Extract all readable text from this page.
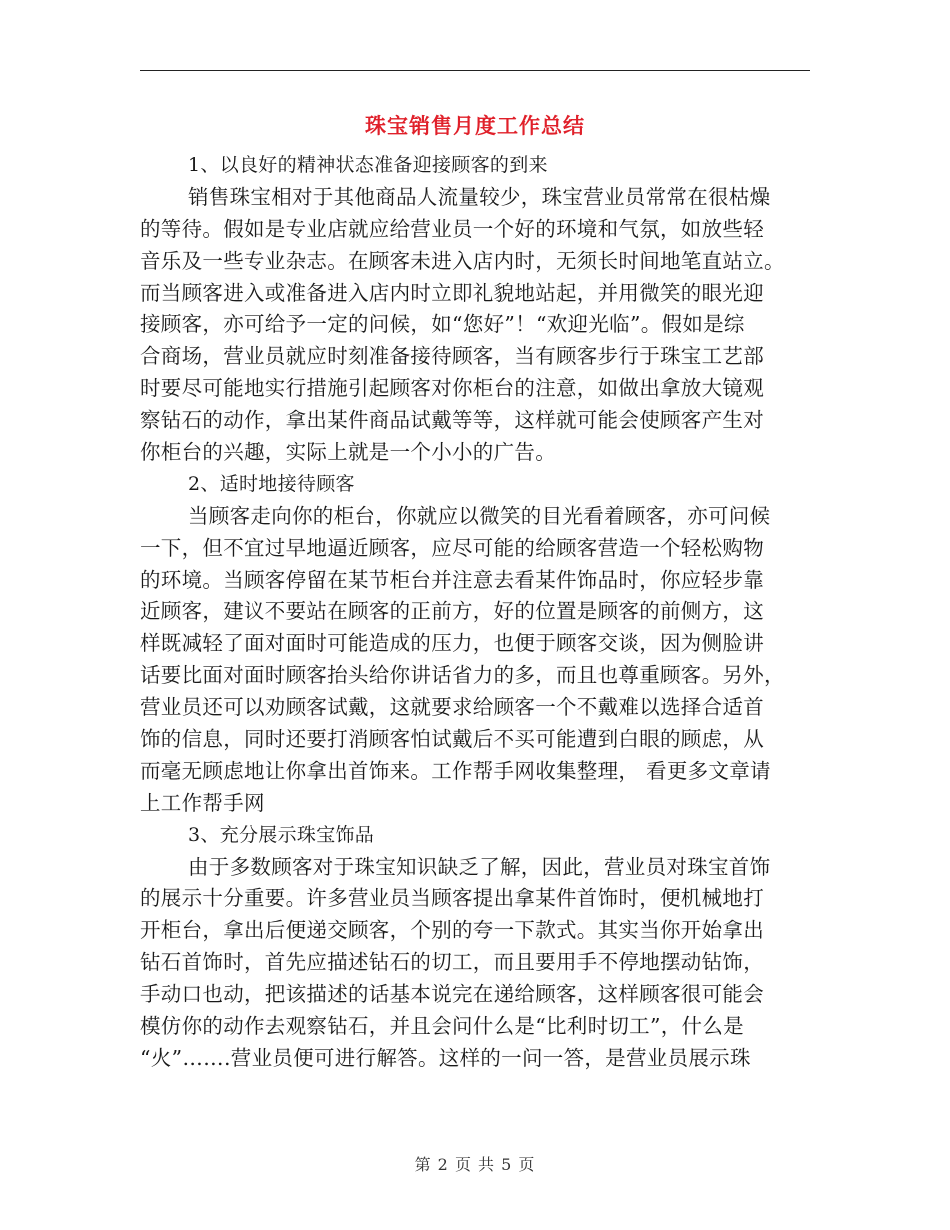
珠宝销售月度工作总结
1、以良好的精神状态准备迎接顾客的到来
销售珠宝相对于其他商品人流量较少，珠宝营业员常常在很枯燥
的等待。假如是专业店就应给营业员一个好的环境和气氛，如放些轻
音乐及一些专业杂志。在顾客未进入店内时，无须长时间地笔直站立。
而当顾客进入或准备进入店内时立即礼貌地站起，并用微笑的眼光迎
接顾客，亦可给予一定的问候，如“您好”！“欢迎光临”。假如是综
合商场，营业员就应时刻准备接待顾客，当有顾客步行于珠宝工艺部
时要尽可能地实行措施引起顾客对你柜台的注意，如做出拿放大镜观
察钻石的动作，拿出某件商品试戴等等，这样就可能会使顾客产生对
你柜台的兴趣，实际上就是一个小小的广告。
2、适时地接待顾客
当顾客走向你的柜台，你就应以微笑的目光看着顾客，亦可问候
一下，但不宜过早地逼近顾客，应尽可能的给顾客营造一个轻松购物
的环境。当顾客停留在某节柜台并注意去看某件饰品时，你应轻步靠
近顾客，建议不要站在顾客的正前方，好的位置是顾客的前侧方，这
样既减轻了面对面时可能造成的压力，也便于顾客交谈，因为侧脸讲
话要比面对面时顾客抬头给你讲话省力的多，而且也尊重顾客。另外，
营业员还可以劝顾客试戴，这就要求给顾客一个不戴难以选择合适首
饰的信息，同时还要打消顾客怕试戴后不买可能遭到白眼的顾虑，从
而毫无顾虑地让你拿出首饰来。工作帮手网收集整理， 看更多文章请
上工作帮手网
3、充分展示珠宝饰品
由于多数顾客对于珠宝知识缺乏了解，因此，营业员对珠宝首饰
的展示十分重要。许多营业员当顾客提出拿某件首饰时，便机械地打
开柜台，拿出后便递交顾客，个别的夸一下款式。其实当你开始拿出
钻石首饰时，首先应描述钻石的切工，而且要用手不停地摆动钻饰，
手动口也动，把该描述的话基本说完在递给顾客，这样顾客很可能会
模仿你的动作去观察钻石，并且会问什么是“比利时切工”，什么是
“火”…….营业员便可进行解答。这样的一问一答，是营业员展示珠
第 2 页 共 5 页
